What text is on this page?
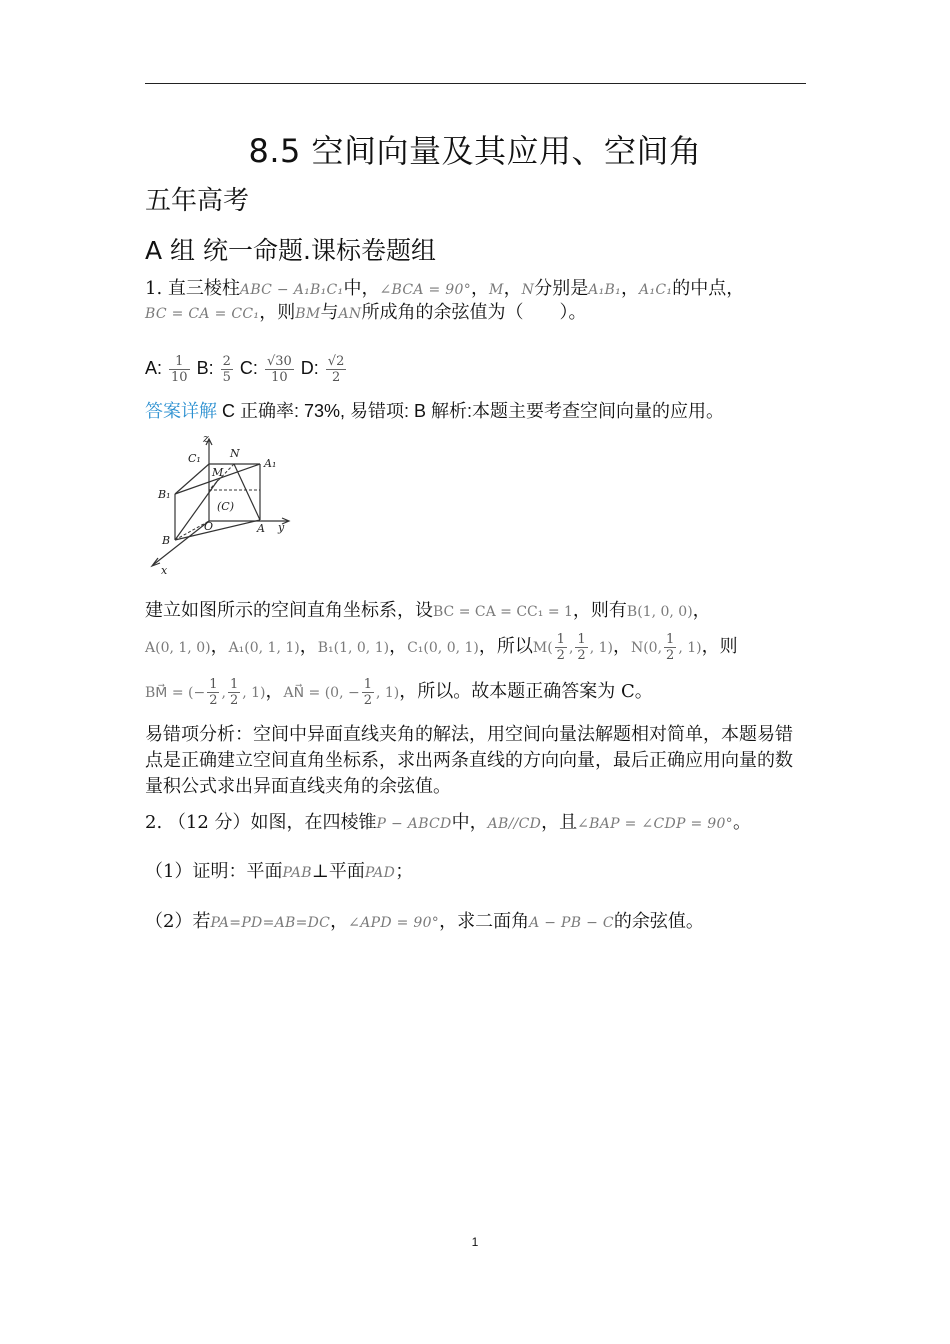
8.5 空间向量及其应用、空间角
五年高考
A 组 统一命题.课标卷题组
1. 直三棱柱ABC − A₁B₁C₁中，∠BCA = 90°，M，N分别是A₁B₁，A₁C₁的中点，
BC = CA = CC₁，则BM与AN所成角的余弦值为（　　）。
A: $\frac{1}{10} B$: $\frac{2}{5} C$: $\frac{√30}{10} D$: $\frac{√2}{2}$
答案详解 C 正确率: 73%, 易错项: B 解析:本题主要考查空间向量的应用。
z
C₁	N
A₁
M
B₁
(C)
O	A y
B
x
建立如图所示的空间直角坐标系，设BC = CA = CC₁ = 1，则有B(1, 0, 0)，
A(0, 1, 0)，A₁(0, 1, 1)，B₁(1, 0, 1)，C₁(0, 0, 1)，所以$M( \frac{1}{2}$ , $\frac{1}{2}$ , 1)，N(0, $\frac{1}{2}$ , 1)，则
BM⃗ = (− $\frac{1}{2}$ , $\frac{1}{2}$ , 1)，AN⃗ = (0, − $\frac{1}{2}$ , 1)，所以。故本题正确答案为 C。
易错项分析：空间中异面直线夹角的解法，用空间向量法解题相对简单，本题易错点是正确建立空间直角坐标系，求出两条直线的方向向量，最后正确应用向量的数量积公式求出异面直线夹角的余弦值。
2. （12 分）如图，在四棱锥P − ABCD中，AB//CD，且∠BAP = ∠CDP = 90°。
（1）证明：平面PAB⊥平面PAD；
（2）若PA=PD=AB=DC，∠APD = 90°，求二面角A − PB − C的余弦值。
1
